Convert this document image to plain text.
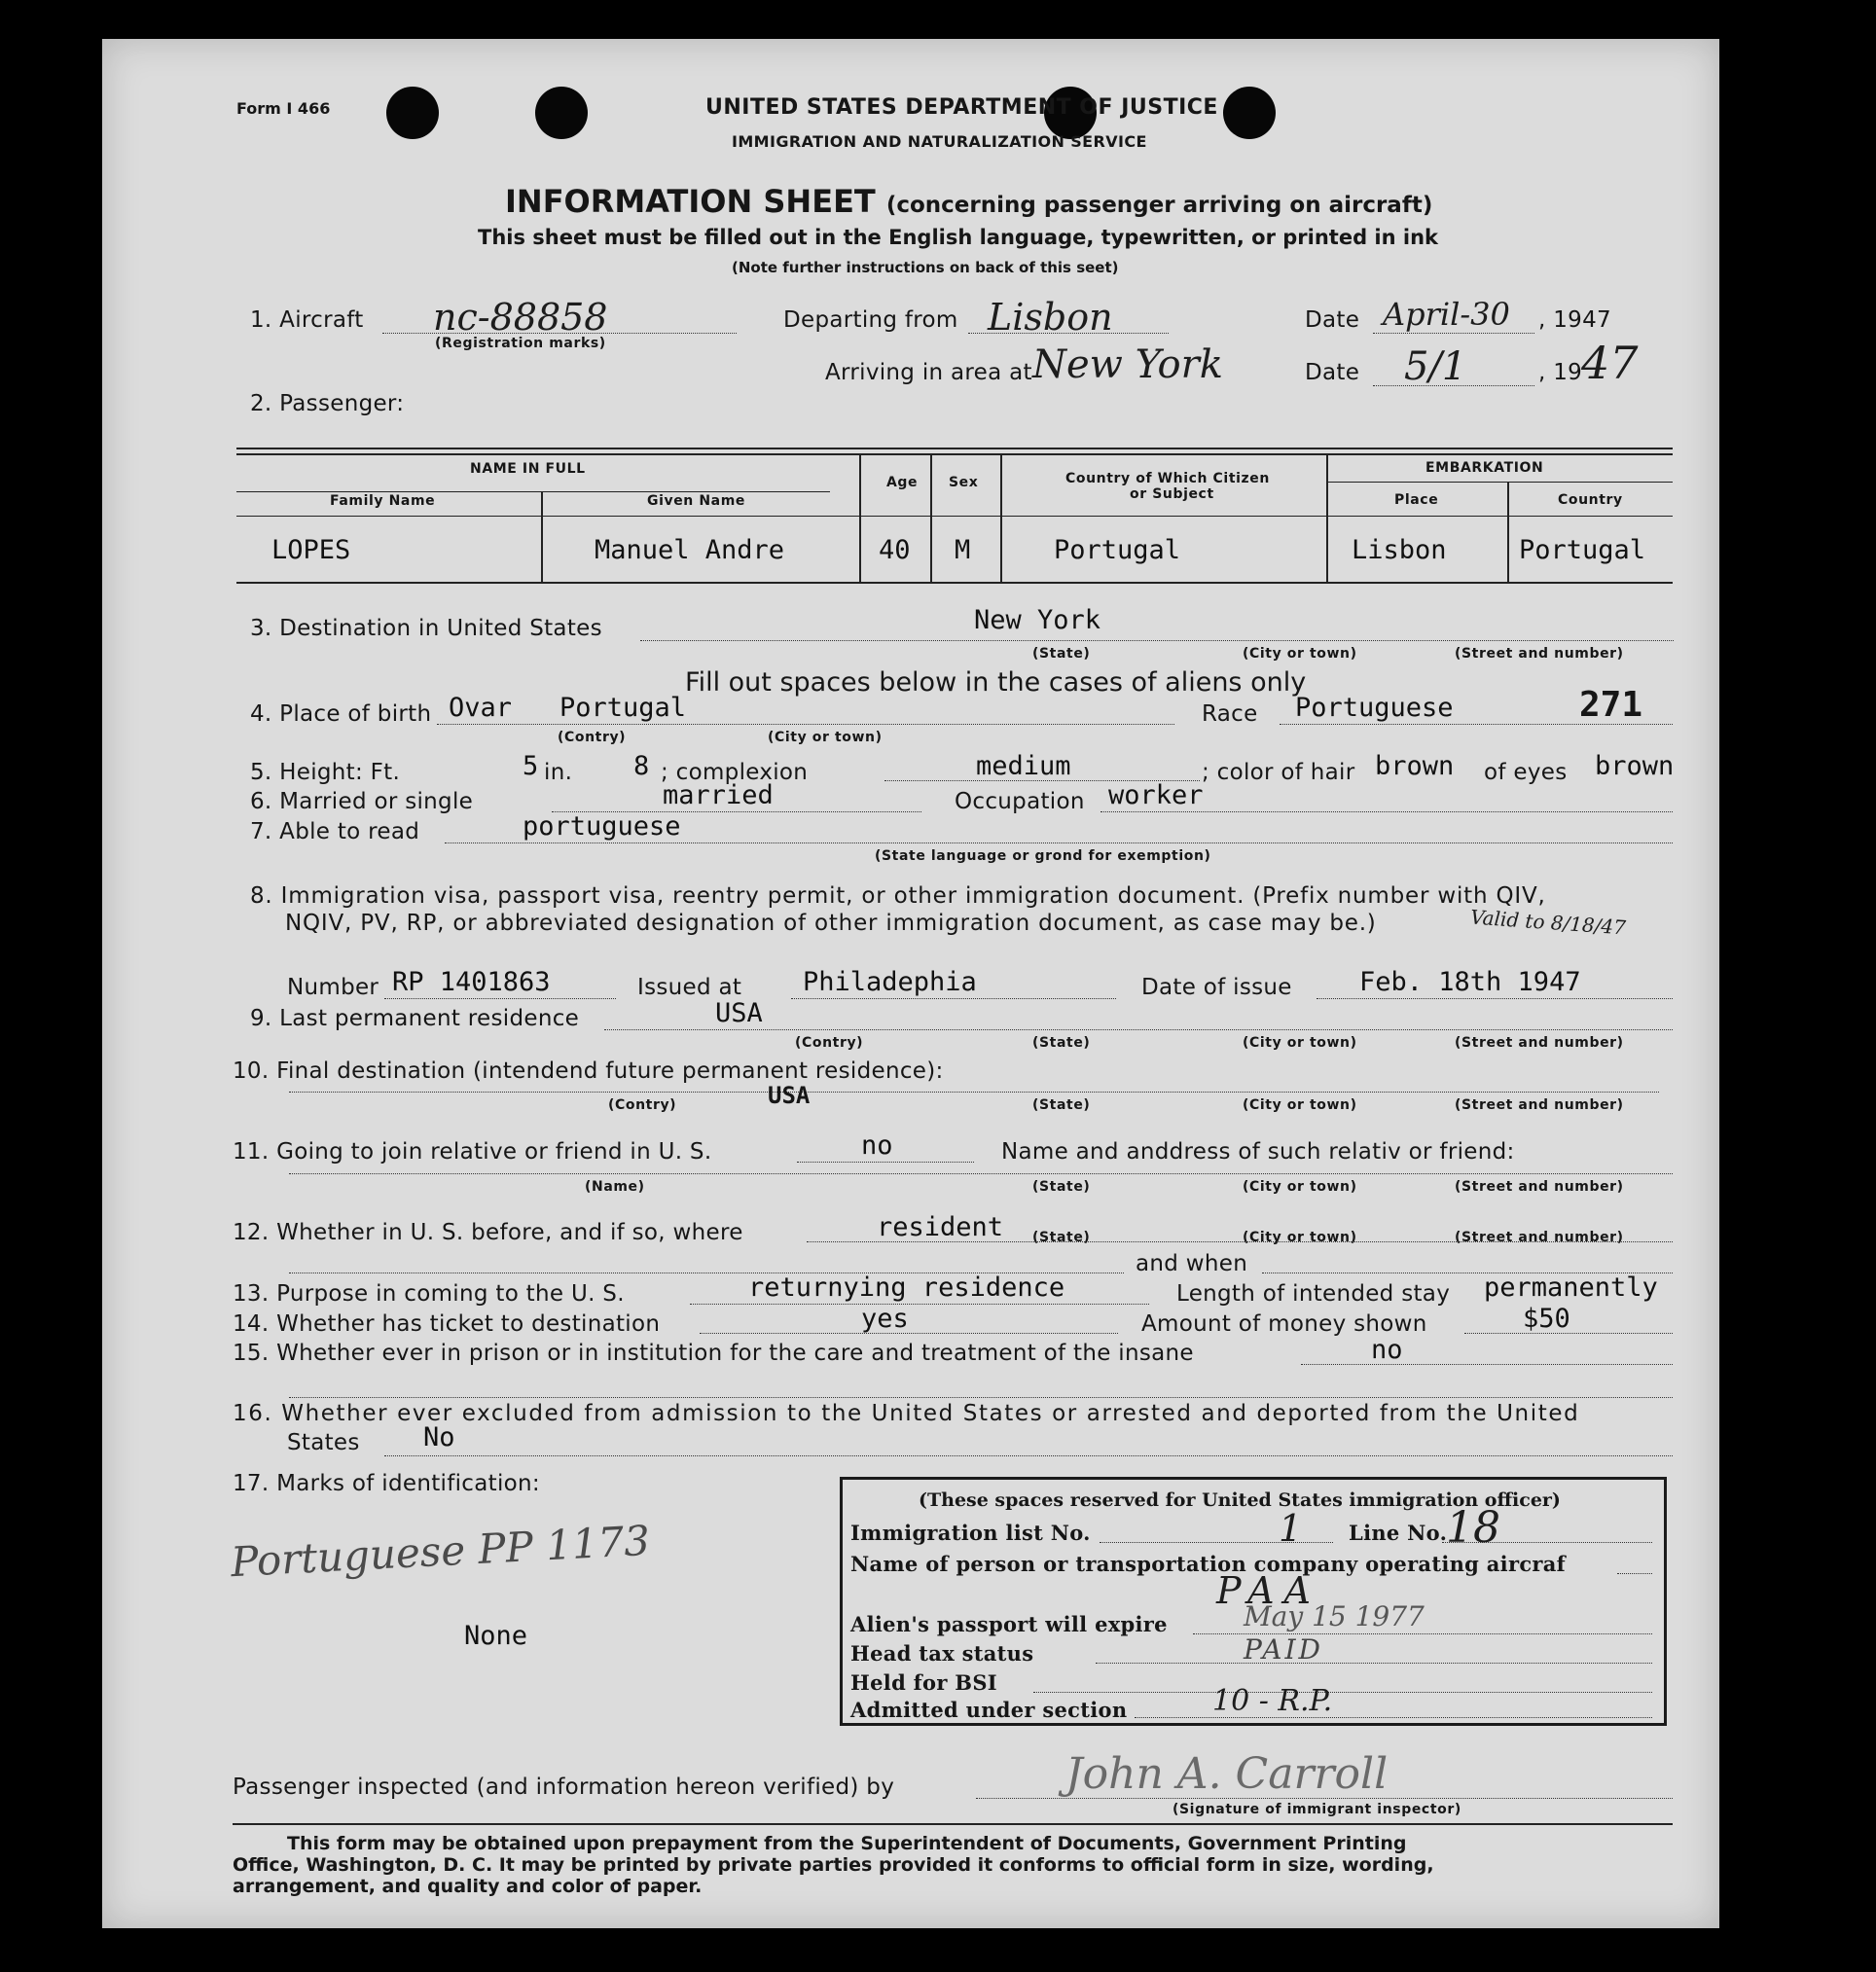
Form I 466	UNITED STATES DEPARTMENT OF JUSTICE
IMMIGRATION AND NATURALIZATION SERVICE
INFORMATION SHEET (concerning passenger arriving on aircraft)
This sheet must be filled out in the English language, typewritten, or printed in ink
(Note further instructions on back of this seet)
1. Aircraft nc-88858
(Registration marks)
Departing from Lisbon	Date April-30 , 1947
Arriving in area at New York	Date 5/1	, 19
47
2. Passenger:
NAME IN FULL
Family Name	Given Name
Age Sex	Country of Which Citizen
or Subject
EMBARKATION
Place	Country
LOPES	Manuel Andre	40 M	Portugal	Lisbon	Portugal
3. Destination in United States	New York
(State)	(City or town)	(Street and number)
Fill out spaces below in the cases of aliens only
4. Place of birth Ovar Portugal
(Contry)	(City or town)
Race Portuguese	271
5. Height: Ft.	5 in. 8 ; complexion	medium	; color of hair brown of eyes brown
6. Married or single	married	Occupation worker
7. Able to read	portuguese
(State language or grond for exemption)
8. Immigration visa, passport visa, reentry permit, or other immigration document. (Prefix number with QIV,
NQIV, PV, RP, or abbreviated designation of other immigration document, as case may be.)	Valid to 8/18/47
Number RP 1401863	Issued at Philadephia	Date of issue	Feb. 18th 1947
9. Last permanent residence	USA
(Contry)	(State)	(City or town)	(Street and number)
10. Final destination (intendend future permanent residence):
(Contry)	USA	(State)	(City or town)	(Street and number)
11. Going to join relative or friend in U. S.	no	Name and anddress of such relativ or friend:
(Name)	(State)	(City or town)	(Street and number)
12. Whether in U. S. before, and if so, where	resident (State)	(City or town)	(Street and number)
and when
13. Purpose in coming to the U. S.	returnying residence	Length of intended stay permanently
14. Whether has ticket to destination	yes	Amount of money shown	$50
15. Whether ever in prison or in institution for the care and treatment of the insane	no
16. Whether ever excluded from admission to the United States or arrested and deported from the United
States No
17. Marks of identification:
Portuguese PP 1173
None
(These spaces reserved for United States immigration officer)
Immigration list No.	1 Line No.
18
Name of person or transportation company operating aircraf
PAA
Alien's passport will expire	May 15 1977
Head tax status	PAID
Held for BSI
Admitted under section	10 - R.P.
Passenger inspected (and information hereon verified) by	John A. Carroll
(Signature of immigrant inspector)
This form may be obtained upon prepayment from the Superintendent of Documents, Government Printing
Office, Washington, D. C. It may be printed by private parties provided it conforms to official form in size, wording,
arrangement, and quality and color of paper.
